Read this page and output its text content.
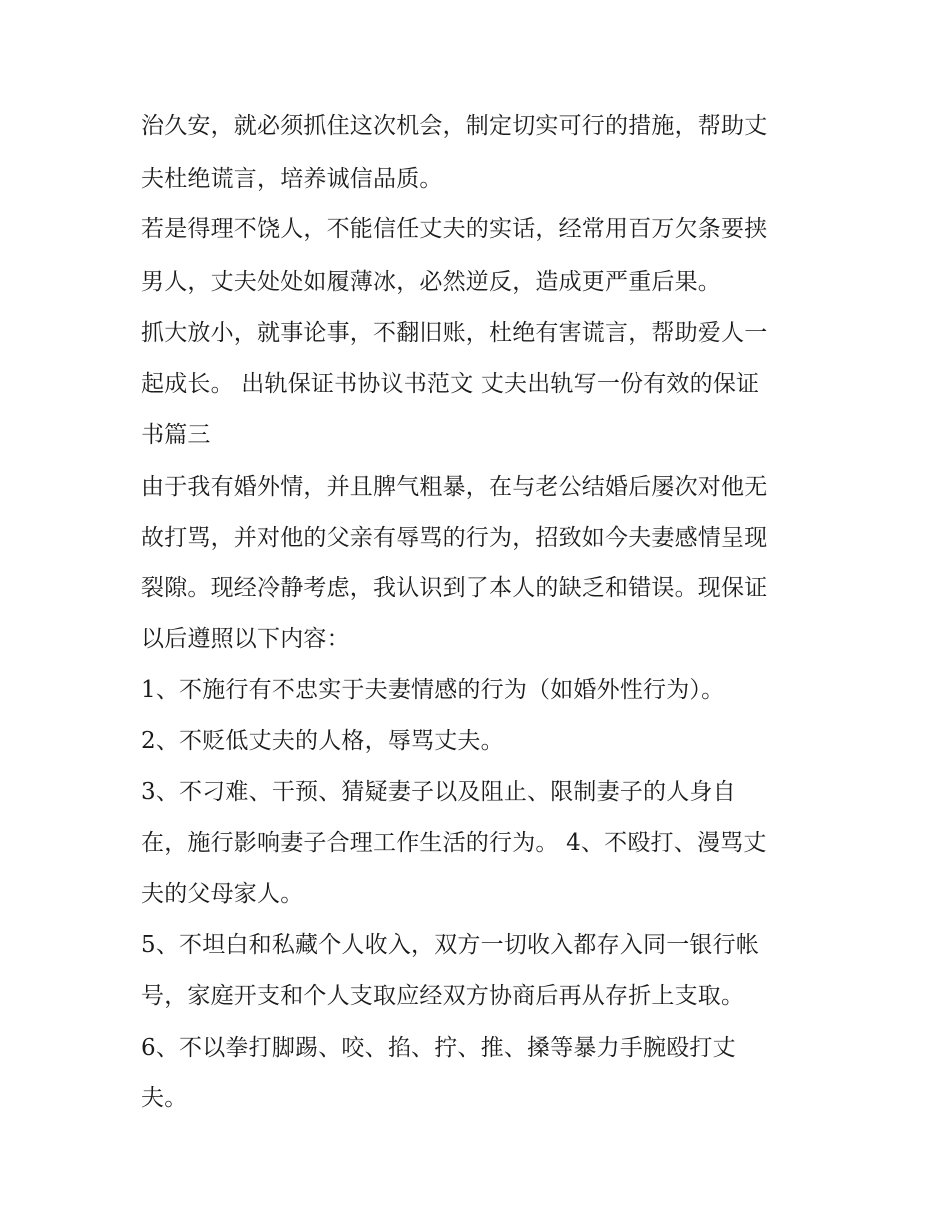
治久安，就必须抓住这次机会，制定切实可行的措施，帮助丈
夫杜绝谎言，培养诚信品质。
若是得理不饶人，不能信任丈夫的实话，经常用百万欠条要挟
男人，丈夫处处如履薄冰，必然逆反，造成更严重后果。
抓大放小，就事论事，不翻旧账，杜绝有害谎言，帮助爱人一
起成长。 出轨保证书协议书范文 丈夫出轨写一份有效的保证
书篇三
由于我有婚外情，并且脾气粗暴，在与老公结婚后屡次对他无
故打骂，并对他的父亲有辱骂的行为，招致如今夫妻感情呈现
裂隙。现经冷静考虑，我认识到了本人的缺乏和错误。现保证
以后遵照以下内容：
1、不施行有不忠实于夫妻情感的行为（如婚外性行为）。
2、不贬低丈夫的人格，辱骂丈夫。
3、不刁难、干预、猜疑妻子以及阻止、限制妻子的人身自
在，施行影响妻子合理工作生活的行为。 4、不殴打、漫骂丈
夫的父母家人。
5、不坦白和私藏个人收入，双方一切收入都存入同一银行帐
号，家庭开支和个人支取应经双方协商后再从存折上支取。
6、不以拳打脚踢、咬、掐、拧、推、搡等暴力手腕殴打丈
夫。
